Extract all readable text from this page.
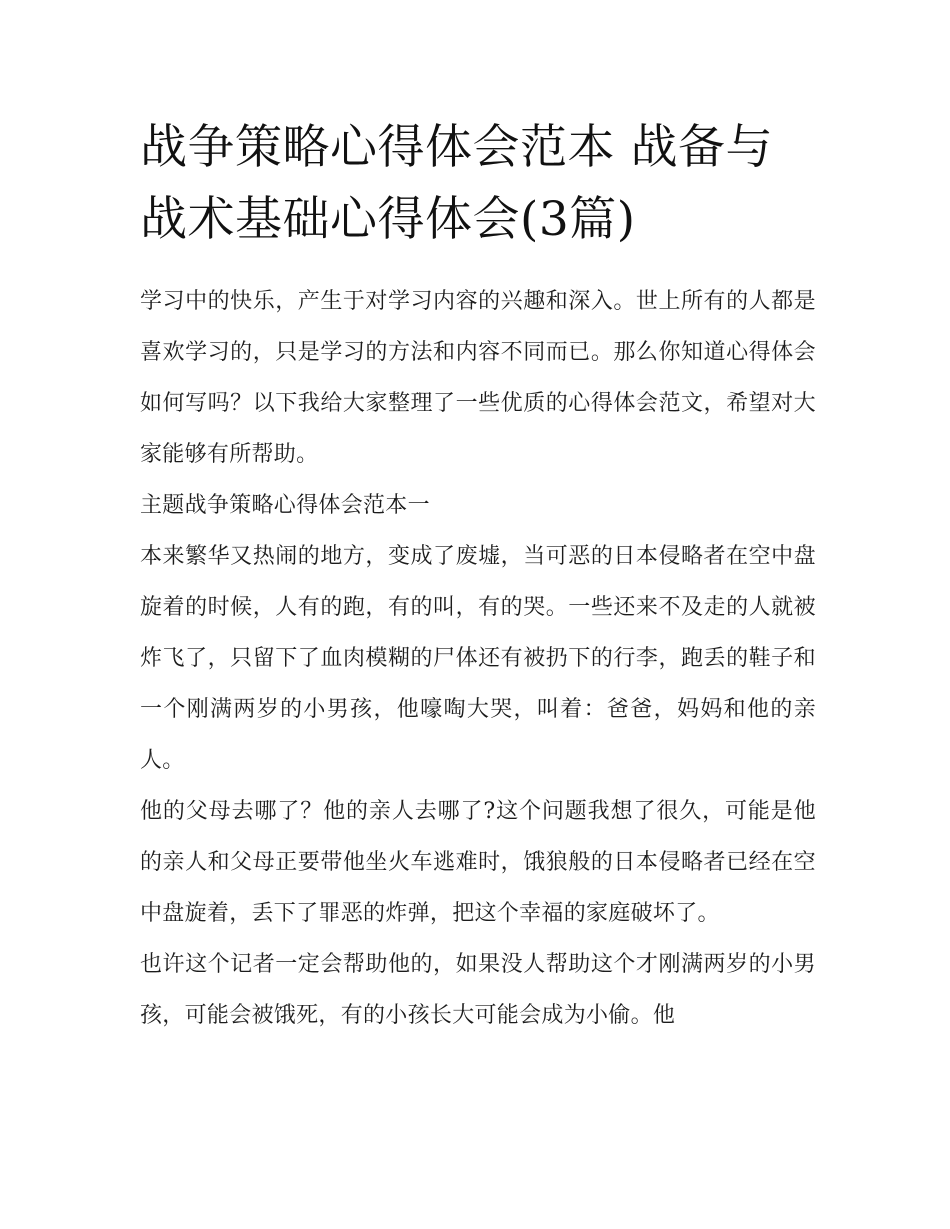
战争策略心得体会范本 战备与战术基础心得体会(3篇)

学习中的快乐，产生于对学习内容的兴趣和深入。世上所有的人都是喜欢学习的，只是学习的方法和内容不同而已。那么你知道心得体会如何写吗？以下我给大家整理了一些优质的心得体会范文，希望对大家能够有所帮助。

主题战争策略心得体会范本一

本来繁华又热闹的地方，变成了废墟，当可恶的日本侵略者在空中盘旋着的时候，人有的跑，有的叫，有的哭。一些还来不及走的人就被炸飞了，只留下了血肉模糊的尸体还有被扔下的行李，跑丢的鞋子和一个刚满两岁的小男孩，他嚎啕大哭，叫着：爸爸，妈妈和他的亲人。

他的父母去哪了？他的亲人去哪了?这个问题我想了很久，可能是他的亲人和父母正要带他坐火车逃难时，饿狼般的日本侵略者已经在空中盘旋着，丢下了罪恶的炸弹，把这个幸福的家庭破坏了。

也许这个记者一定会帮助他的，如果没人帮助这个才刚满两岁的小男孩，可能会被饿死，有的小孩长大可能会成为小偷。他
